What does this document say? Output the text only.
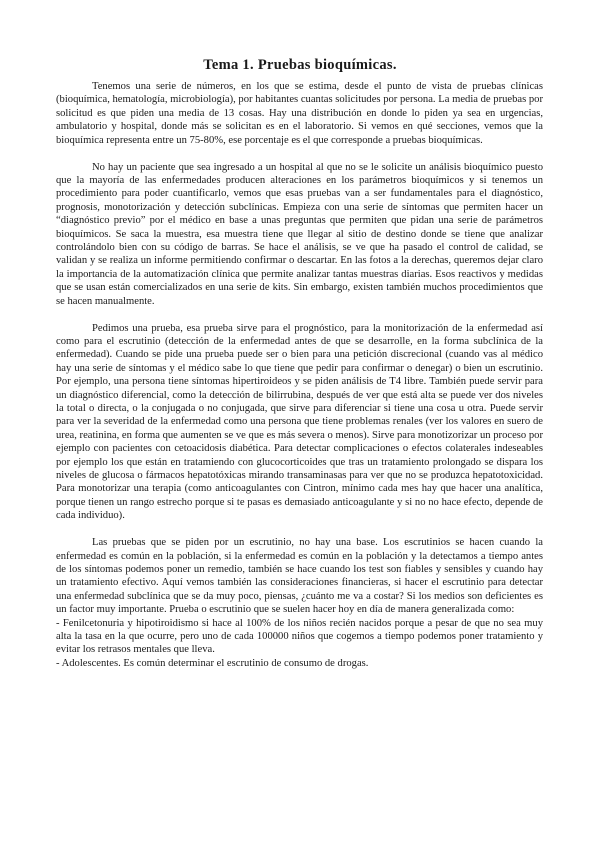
Tema 1. Pruebas bioquímicas.

Tenemos una serie de números, en los que se estima, desde el punto de vista de pruebas clínicas (bioquímica, hematología, microbiología), por habitantes cuantas solicitudes por persona. La media de pruebas por solicitud es que piden una media de 13 cosas. Hay una distribución en donde lo piden ya sea en urgencias, ambulatorio y hospital, donde más se solicitan es en el laboratorio. Si vemos en qué secciones, vemos que la bioquímica representa entre un 75-80%, ese porcentaje es el que corresponde a pruebas bioquímicas.

No hay un paciente que sea ingresado a un hospital al que no se le solicite un análisis bioquímico puesto que la mayoría de las enfermedades producen alteraciones en los parámetros bioquímicos y si tenemos un procedimiento para poder cuantificarlo, vemos que esas pruebas van a ser fundamentales para el diagnóstico, prognosis, monotorización y detección subclínicas. Empieza con una serie de síntomas que permiten hacer un “diagnóstico previo” por el médico en base a unas preguntas que permiten que pidan una serie de parámetros bioquímicos. Se saca la muestra, esa muestra tiene que llegar al sitio de destino donde se tiene que analizar controlándolo bien con su código de barras. Se hace el análisis, se ve que ha pasado el control de calidad, se validan y se realiza un informe permitiendo confirmar o descartar. En las fotos a la derechas, queremos dejar claro la importancia de la automatización clínica que permite analizar tantas muestras diarias. Esos reactivos y medidas que se usan están comercializados en una serie de kits. Sin embargo, existen también muchos procedimientos que se hacen manualmente.

Pedimos una prueba, esa prueba sirve para el prognóstico, para la monitorización de la enfermedad así como para el escrutinio (detección de la enfermedad antes de que se desarrolle, en la forma subclínica de la enfermedad). Cuando se pide una prueba puede ser o bien para una petición discrecional (cuando vas al médico hay una serie de síntomas y el médico sabe lo que tiene que pedir para confirmar o denegar) o bien un escrutinio. Por ejemplo, una persona tiene síntomas hipertiroideos y se piden análisis de T4 libre. También puede servir para un diagnóstico diferencial, como la detección de bilirrubina, después de ver que está alta se puede ver dos niveles la total o directa, o la conjugada o no conjugada, que sirve para diferenciar si tiene una cosa u otra. Puede servir para ver la severidad de la enfermedad como una persona que tiene problemas renales (ver los valores en suero de urea, reatinina, en forma que aumenten se ve que es más severa o menos). Sirve para monotizorizar un proceso por ejemplo con pacientes con cetoacidosis diabética. Para detectar complicaciones o efectos colaterales indeseables por ejemplo los que están en tratamiendo con glucocorticoides que tras un tratamiento prolongado se dispara los niveles de glucosa o fármacos hepatotóxicas mirando transaminasas para ver que no se produzca hepatotoxicidad. Para monotorizar una terapia (como anticoagulantes con Cintron, mínimo cada mes hay que hacer una analítica, porque tienen un rango estrecho porque si te pasas es demasiado anticoagulante y si no no hace efecto, depende de cada individuo).

Las pruebas que se piden por un escrutinio, no hay una base. Los escrutinios se hacen cuando la enfermedad es común en la población, si la enfermedad es común en la población y la detectamos a tiempo antes de los síntomas podemos poner un remedio, también se hace cuando los test son fiables y sensibles y cuando hay un tratamiento efectivo. Aquí vemos también las consideraciones financieras, si hacer el escrutinio para detectar una enfermedad subclínica que se da muy poco, piensas, ¿cuánto me va a costar? Si los medios son deficientes es un factor muy importante. Prueba o escrutinio que se suelen hacer hoy en día de manera generalizada como:

- Fenilcetonuria y hipotiroidismo si hace al 100% de los niños recién nacidos porque a pesar de que no sea muy alta la tasa en la que ocurre, pero uno de cada 100000 niños que cogemos a tiempo podemos poner tratamiento y evitar los retrasos mentales que lleva.

- Adolescentes. Es común determinar el escrutinio de consumo de drogas.
